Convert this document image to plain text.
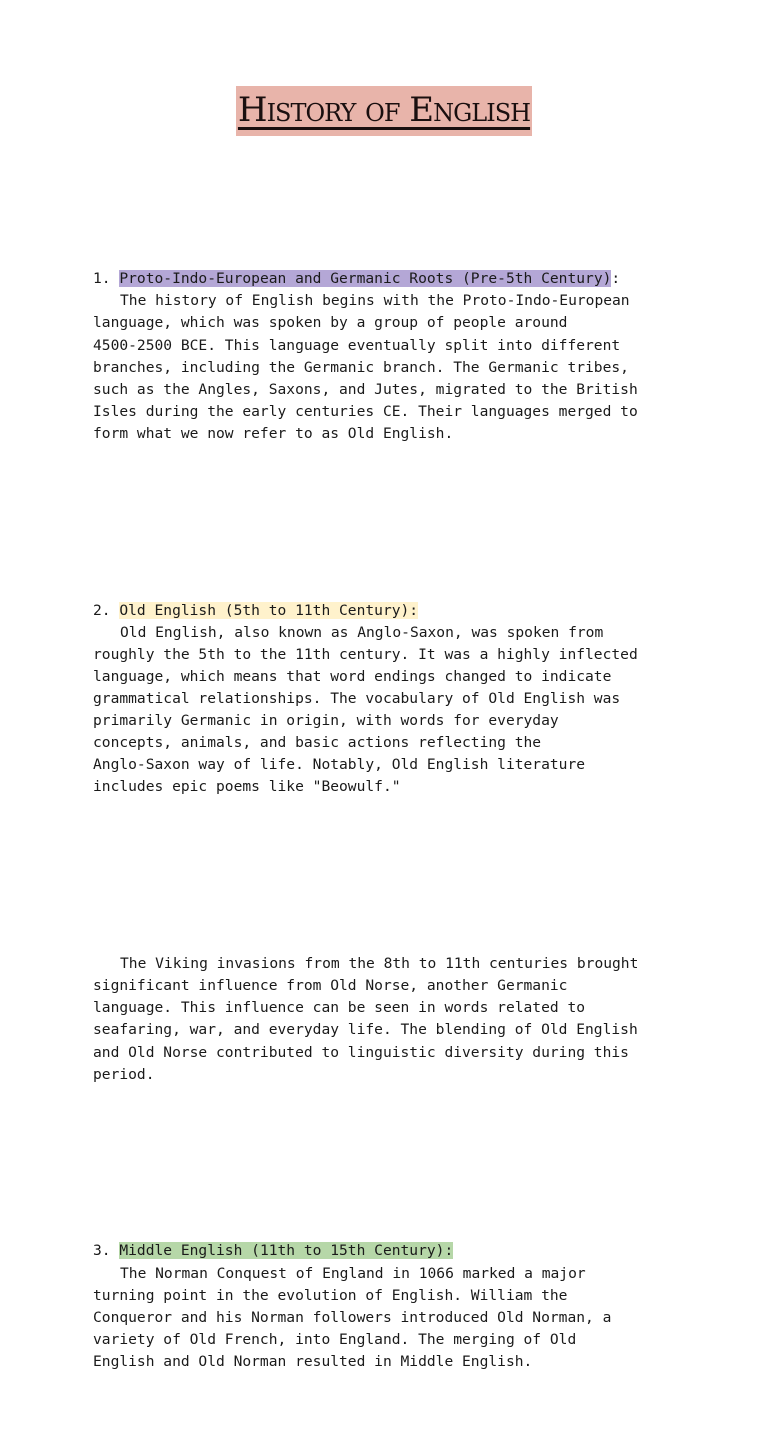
History of English

1. Proto-Indo-European and Germanic Roots (Pre-5th Century):
The history of English begins with the Proto-Indo-European
language, which was spoken by a group of people around
4500-2500 BCE. This language eventually split into different
branches, including the Germanic branch. The Germanic tribes,
such as the Angles, Saxons, and Jutes, migrated to the British
Isles during the early centuries CE. Their languages merged to
form what we now refer to as Old English.

2. Old English (5th to 11th Century):
Old English, also known as Anglo-Saxon, was spoken from
roughly the 5th to the 11th century. It was a highly inflected
language, which means that word endings changed to indicate
grammatical relationships. The vocabulary of Old English was
primarily Germanic in origin, with words for everyday
concepts, animals, and basic actions reflecting the
Anglo-Saxon way of life. Notably, Old English literature
includes epic poems like "Beowulf."

The Viking invasions from the 8th to 11th centuries brought
significant influence from Old Norse, another Germanic
language. This influence can be seen in words related to
seafaring, war, and everyday life. The blending of Old English
and Old Norse contributed to linguistic diversity during this
period.

3. Middle English (11th to 15th Century):
The Norman Conquest of England in 1066 marked a major
turning point in the evolution of English. William the
Conqueror and his Norman followers introduced Old Norman, a
variety of Old French, into England. The merging of Old
English and Old Norman resulted in Middle English.
